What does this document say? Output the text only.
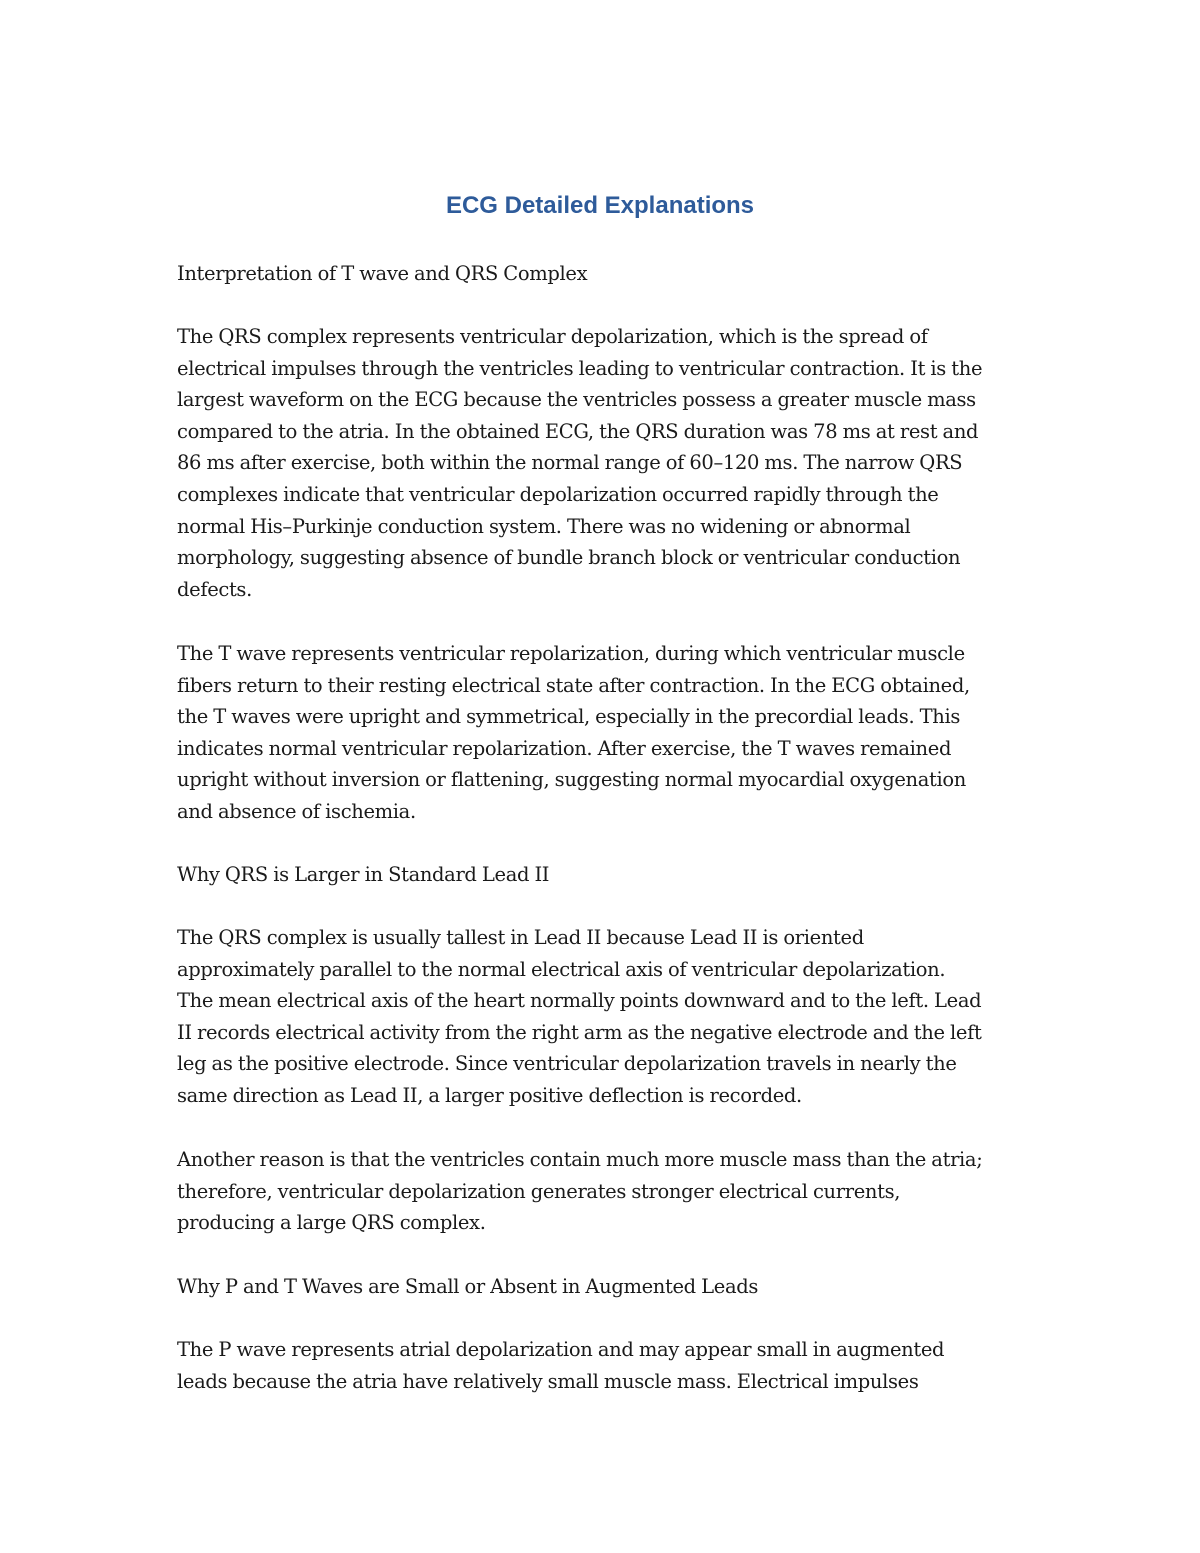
ECG Detailed Explanations

Interpretation of T wave and QRS Complex

The QRS complex represents ventricular depolarization, which is the spread of
electrical impulses through the ventricles leading to ventricular contraction. It is the
largest waveform on the ECG because the ventricles possess a greater muscle mass
compared to the atria. In the obtained ECG, the QRS duration was 78 ms at rest and
86 ms after exercise, both within the normal range of 60–120 ms. The narrow QRS
complexes indicate that ventricular depolarization occurred rapidly through the
normal His–Purkinje conduction system. There was no widening or abnormal
morphology, suggesting absence of bundle branch block or ventricular conduction
defects.

The T wave represents ventricular repolarization, during which ventricular muscle
fibers return to their resting electrical state after contraction. In the ECG obtained,
the T waves were upright and symmetrical, especially in the precordial leads. This
indicates normal ventricular repolarization. After exercise, the T waves remained
upright without inversion or flattening, suggesting normal myocardial oxygenation
and absence of ischemia.

Why QRS is Larger in Standard Lead II

The QRS complex is usually tallest in Lead II because Lead II is oriented
approximately parallel to the normal electrical axis of ventricular depolarization.
The mean electrical axis of the heart normally points downward and to the left. Lead
II records electrical activity from the right arm as the negative electrode and the left
leg as the positive electrode. Since ventricular depolarization travels in nearly the
same direction as Lead II, a larger positive deflection is recorded.

Another reason is that the ventricles contain much more muscle mass than the atria;
therefore, ventricular depolarization generates stronger electrical currents,
producing a large QRS complex.

Why P and T Waves are Small or Absent in Augmented Leads

The P wave represents atrial depolarization and may appear small in augmented
leads because the atria have relatively small muscle mass. Electrical impulses
